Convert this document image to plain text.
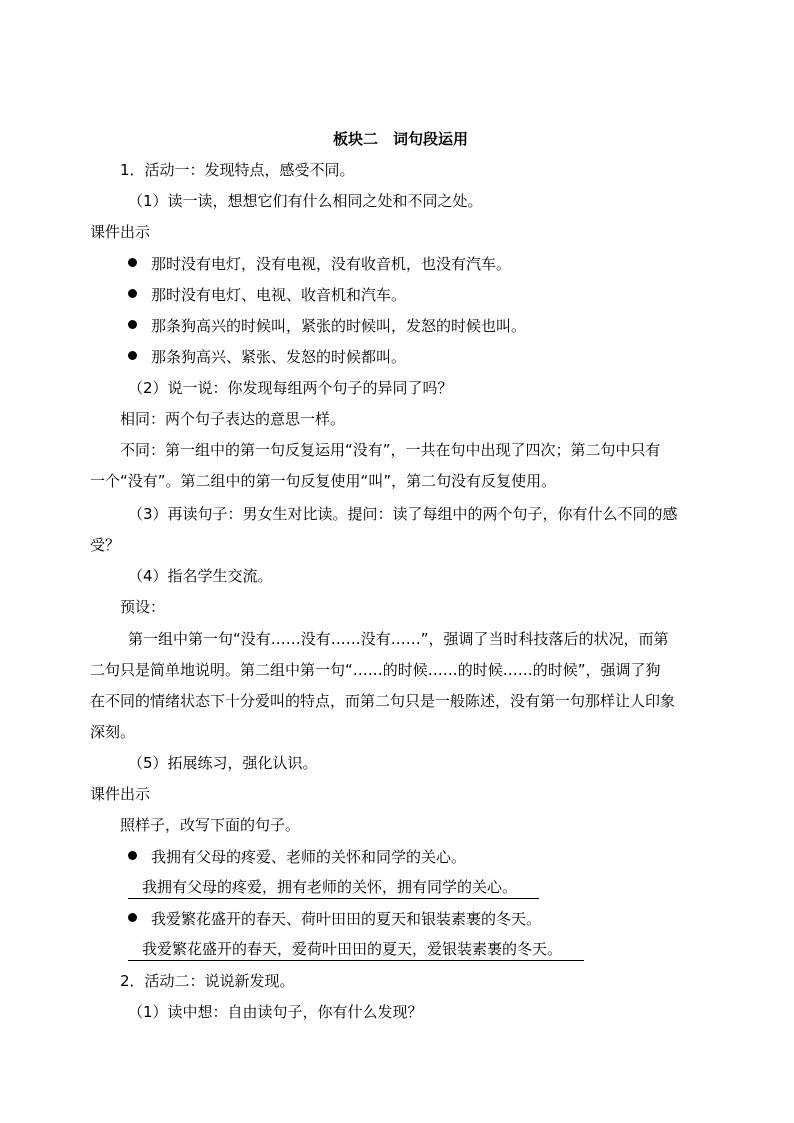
板块二　词句段运用
1．活动一：发现特点，感受不同。
（1）读一读，想想它们有什么相同之处和不同之处。
课件出示
那时没有电灯，没有电视，没有收音机，也没有汽车。
那时没有电灯、电视、收音机和汽车。
那条狗高兴的时候叫，紧张的时候叫，发怒的时候也叫。
那条狗高兴、紧张、发怒的时候都叫。
（2）说一说：你发现每组两个句子的异同了吗？
相同：两个句子表达的意思一样。
不同：第一组中的第一句反复运用“没有”，一共在句中出现了四次；第二句中只有
一个“没有”。第二组中的第一句反复使用“叫”，第二句没有反复使用。
（3）再读句子：男女生对比读。提问：读了每组中的两个句子，你有什么不同的感
受？
（4）指名学生交流。
预设：
第一组中第一句“没有……没有……没有……”，强调了当时科技落后的状况，而第
二句只是简单地说明。第二组中第一句“……的时候……的时候……的时候”，强调了狗
在不同的情绪状态下十分爱叫的特点，而第二句只是一般陈述，没有第一句那样让人印象
深刻。
（5）拓展练习，强化认识。
课件出示
照样子，改写下面的句子。
我拥有父母的疼爱、老师的关怀和同学的关心。
我拥有父母的疼爱，拥有老师的关怀，拥有同学的关心。
我爱繁花盛开的春天、荷叶田田的夏天和银装素裹的冬天。
我爱繁花盛开的春天，爱荷叶田田的夏天，爱银装素裹的冬天。
2．活动二：说说新发现。
（1）读中想：自由读句子，你有什么发现？
